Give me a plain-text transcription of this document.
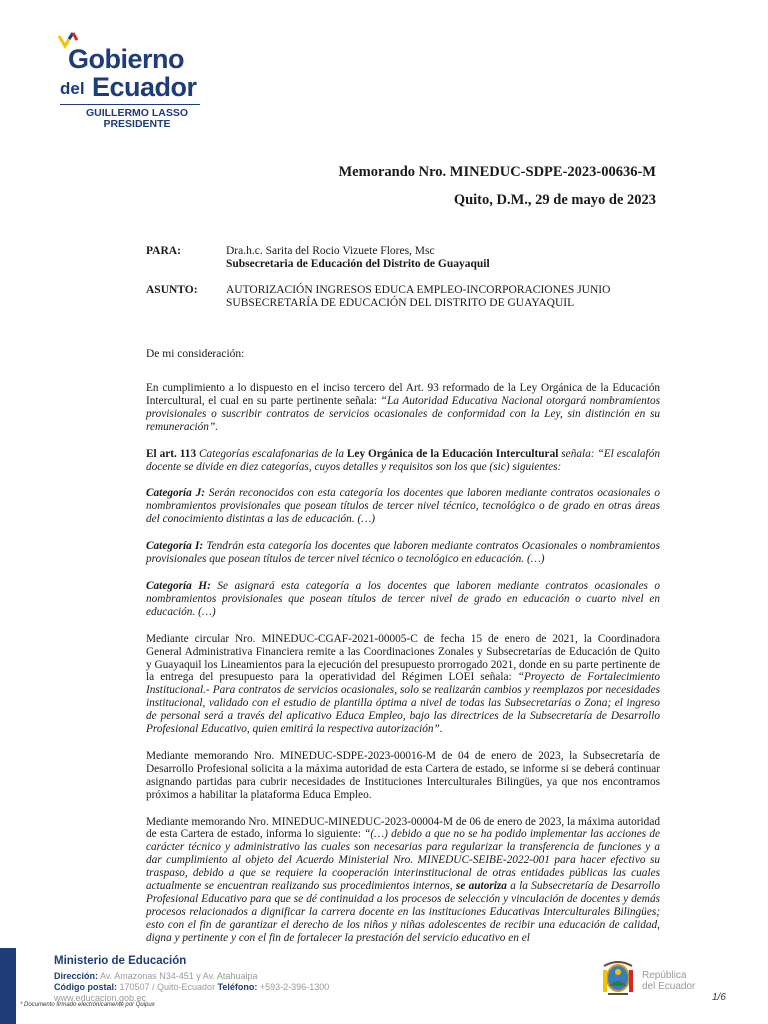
Gobierno
del Ecuador
GUILLERMO LASSO
PRESIDENTE
Memorando Nro. MINEDUC-SDPE-2023-00636-M
Quito, D.M., 29 de mayo de 2023
PARA:	Dra.h.c. Sarita del Rocio Vizuete Flores, Msc
Subsecretaria de Educación del Distrito de Guayaquil
ASUNTO: AUTORIZACIÓN INGRESOS EDUCA EMPLEO-INCORPORACIONES JUNIO
SUBSECRETARÍA DE EDUCACIÓN DEL DISTRITO DE GUAYAQUIL
De mi consideración:

En cumplimiento a lo dispuesto en el inciso tercero del Art. 93 reformado de la Ley Orgánica de la Educación Intercultural, el cual en su parte pertinente señala: “La Autoridad Educativa Nacional otorgará nombramientos provisionales o suscribir contratos de servicios ocasionales de conformidad con la Ley, sin distinción en su remuneración”.

El art. 113 Categorías escalafonarias de la Ley Orgánica de la Educación Intercultural señala: “El escalafón docente se divide en diez categorías, cuyos detalles y requisitos son los que (sic) siguientes:

Categoría J: Serán reconocidos con esta categoría los docentes que laboren mediante contratos ocasionales o nombramientos provisionales que posean títulos de tercer nivel técnico, tecnológico o de grado en otras áreas del conocimiento distintas a las de educación. (…)

Categoría I: Tendrán esta categoría los docentes que laboren mediante contratos Ocasionales o nombramientos provisionales que posean títulos de tercer nivel técnico o tecnológico en educación. (…)

Categoría H: Se asignará esta categoría a los docentes que laboren mediante contratos ocasionales o nombramientos provisionales que posean títulos de tercer nivel de grado en educación o cuarto nivel en educación. (…)

Mediante circular Nro. MINEDUC-CGAF-2021-00005-C de fecha 15 de enero de 2021, la Coordinadora General Administrativa Financiera remite a las Coordinaciones Zonales y Subsecretarías de Educación de Quito y Guayaquil los Lineamientos para la ejecución del presupuesto prorrogado 2021, donde en su parte pertinente de la entrega del presupuesto para la operatividad del Régimen LOEI señala: “Proyecto de Fortalecimiento Institucional.- Para contratos de servicios ocasionales, solo se realizarán cambios y reemplazos por necesidades institucional, validado con el estudio de plantilla óptima a nivel de todas las Subsecretarías o Zona; el ingreso de personal será a través del aplicativo Educa Empleo, bajo las directrices de la Subsecretaría de Desarrollo Profesional Educativo, quien emitirá la respectiva autorización”.

Mediante memorando Nro. MINEDUC-SDPE-2023-00016-M de 04 de enero de 2023, la Subsecretaría de Desarrollo Profesional solicita a la máxima autoridad de esta Cartera de estado, se informe si se deberá continuar asignando partidas para cubrir necesidades de Instituciones Interculturales Bilingües, ya que nos encontramos próximos a habilitar la plataforma Educa Empleo.

Mediante memorando Nro. MINEDUC-MINEDUC-2023-00004-M de 06 de enero de 2023, la máxima autoridad de esta Cartera de estado, informa lo siguiente: “(…) debido a que no se ha podido implementar las acciones de carácter técnico y administrativo las cuales son necesarias para regularizar la transferencia de funciones y a dar cumplimiento al objeto del Acuerdo Ministerial Nro. MINEDUC-SEIBE-2022-001 para hacer efectivo su traspaso, debido a que se requiere la cooperación interinstitucional de otras entidades públicas las cuales actualmente se encuentran realizando sus procedimientos internos, se autoriza a la Subsecretaría de Desarrollo Profesional Educativo para que se dé continuidad a los procesos de selección y vinculación de docentes y demás procesos relacionados a dignificar la carrera docente en las instituciones Educativas Interculturales Bilingües; esto con el fin de garantizar el derecho de los niños y niñas adolescentes de recibir una educación de calidad, digna y pertinente y con el fin de fortalecer la prestación del servicio educativo en el

Ministerio de Educación
Dirección: Av. Amazonas N34-451 y Av. Atahualpa
Código postal: 170507 / Quito-Ecuador Teléfono: +593-2-396-1300
www.educacion.gob.ec
* Documento firmado electrónicamente por Quipux
República
del Ecuador
1/6
